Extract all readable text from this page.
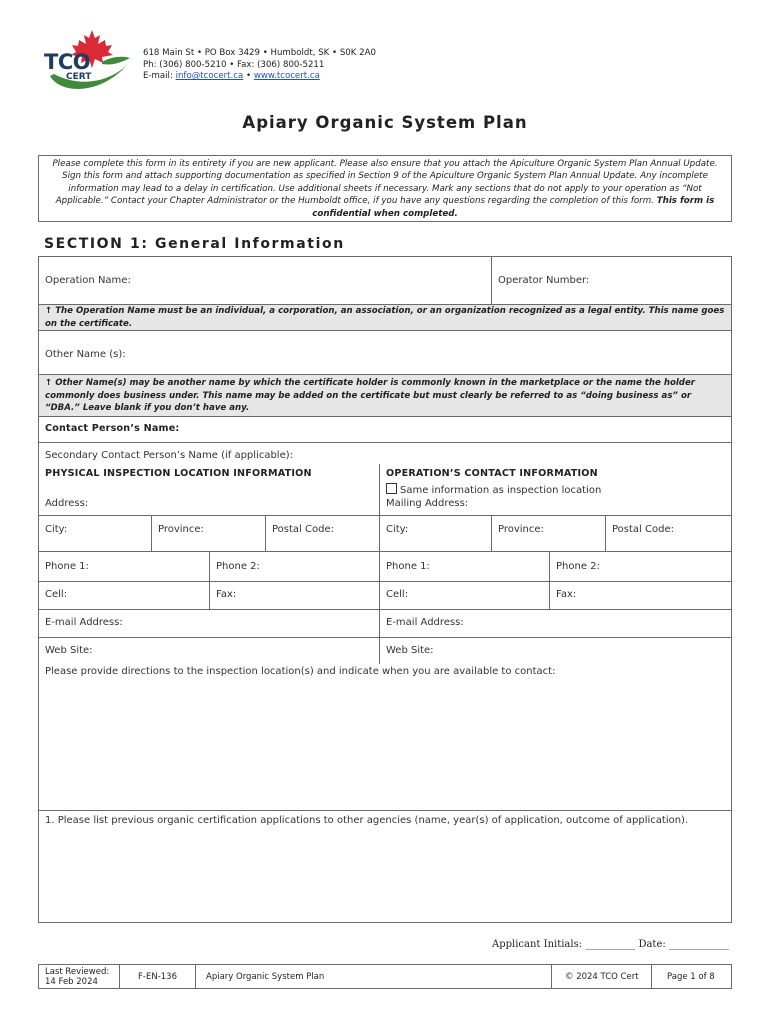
TCO
CERT
618 Main St • PO Box 3429 • Humboldt, SK • S0K 2A0
Ph: (306) 800-5210 • Fax: (306) 800-5211
E-mail: info@tcocert.ca • www.tcocert.ca
Apiary Organic System Plan
Please complete this form in its entirety if you are new applicant. Please also ensure that you attach the Apiculture Organic System Plan Annual Update. Sign this form and attach supporting documentation as specified in Section 9 of the Apiculture Organic System Plan Annual Update. Any incomplete information may lead to a delay in certification. Use additional sheets if necessary. Mark any sections that do not apply to your operation as “Not Applicable.” Contact your Chapter Administrator or the Humboldt office, if you have any questions regarding the completion of this form. This form is confidential when completed.
SECTION 1: General Information
Operation Name:	Operator Number:
↑ The Operation Name must be an individual, a corporation, an association, or an organization recognized as a legal entity. This name goes on the certificate.
Other Name (s):
↑ Other Name(s) may be another name by which the certificate holder is commonly known in the marketplace or the name the holder commonly does business under. This name may be added on the certificate but must clearly be referred to as “doing business as” or “DBA.” Leave blank if you don’t have any.
Contact Person’s Name:
Secondary Contact Person’s Name (if applicable):
PHYSICAL INSPECTION LOCATION INFORMATION
Address:
OPERATION’S CONTACT INFORMATION
Same information as inspection location
Mailing Address:
City:	Province:	Postal Code:	City:	Province:	Postal Code:
Phone 1:	Phone 2:	Phone 1:	Phone 2:
Cell:	Fax:	Cell:	Fax:
E-mail Address:	E-mail Address:
Web Site:	Web Site:
Please provide directions to the inspection location(s) and indicate when you are available to contact:
1. Please list previous organic certification applications to other agencies (name, year(s) of application, outcome of application).
Applicant Initials: __________ Date: ____________
Last Reviewed:
14 Feb 2024	F-EN-136	Apiary Organic System Plan	© 2024 TCO Cert	Page 1 of 8
